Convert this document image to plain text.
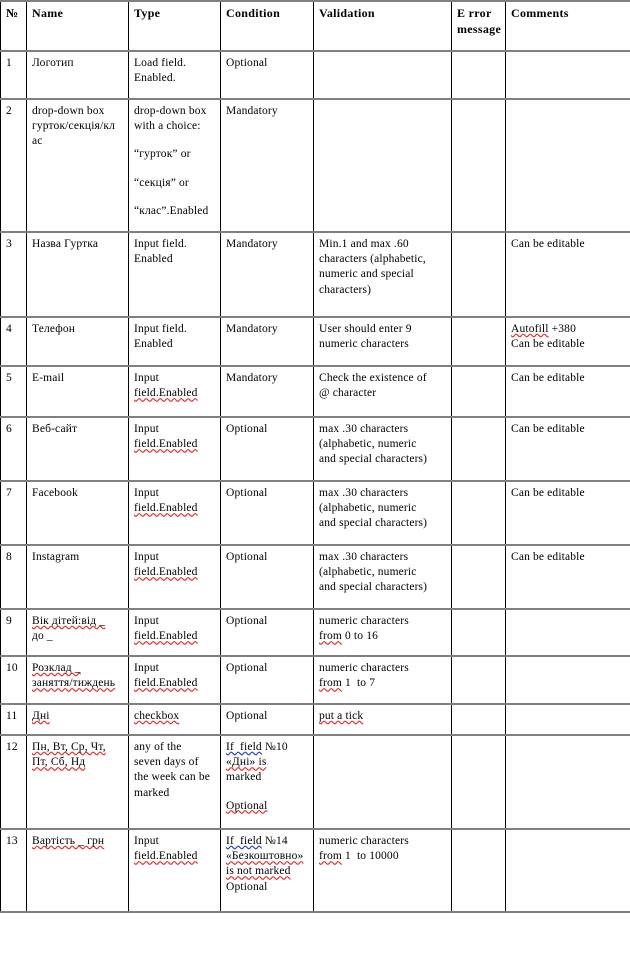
№	Name	Type	Condition	Validation	E rror
message	Comments
1	Логотип	Load field.
Enabled.	Optional			
2	drop-down box
гурток/секція/кл
ас	drop-down box
with a choice:
“гурток” or
“секція” or
“клас”.Enabled	Mandatory			
3	Назва Гуртка	Input field.
Enabled	Mandatory	Min.1 and max .60
characters (alphabetic,
numeric and special
characters)		Can be editable
4	Телефон	Input field.
Enabled	Mandatory	User should enter 9
numeric characters		Autofill +380
Can be editable

5	E-mail	Input
field.Enabled	Mandatory	Check the existence of
@ character		Can be editable
6	Веб-сайт	Input
field.Enabled	Optional	max .30 characters
(alphabetic, numeric
and special characters)		Can be editable
7	Facebook	Input
field.Enabled	Optional	max .30 characters
(alphabetic, numeric
and special characters)		Can be editable
8	Instagram	Input
field.Enabled	Optional	max .30 characters
(alphabetic, numeric
and special characters)		Can be editable
9	Вік дітей:від _
до _	Input
field.Enabled	Optional	numeric characters
from 0 to 16		

10	Розклад _
заняття/тиждень	Input
field.Enabled	Optional	numeric characters
from 1  to 7		

11	Дні	checkbox	Optional	put a tick		
12	Пн, Вт, Ср, Чт,
Пт, Сб, Нд	any of the
seven days of
the week can be
marked	If  field №10
«Дні» is
marked
Optional			

13	Вартість _ грн	Input
field.Enabled	If  field №14
«Безкоштовно»
is not marked
Optional	numeric characters
from 1  to 10000		
